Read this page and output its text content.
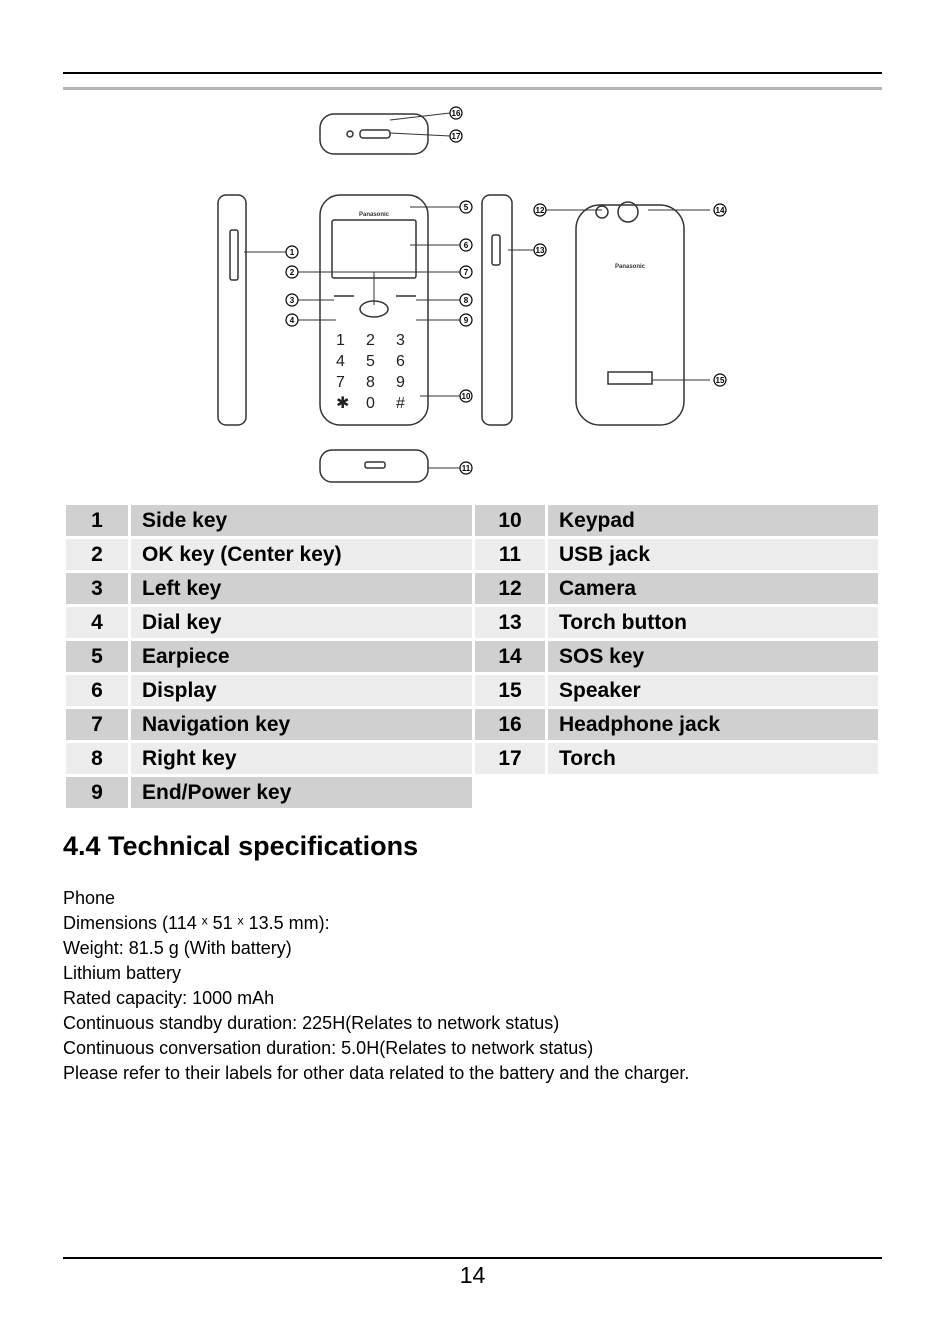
Panasonic
Panasonic
1 2 3
4 5 6
7 8 9
✱ 0 #
1
2
3
4
5
6
7
8
9
10
11
12
13
14
15
16
17
1	Side key	10	Keypad
2	OK key (Center key)	11	USB jack
3	Left key	12	Camera
4	Dial key	13	Torch button
5	Earpiece	14	SOS key
6	Display	15	Speaker
7	Navigation key	16	Headphone jack
8	Right key	17	Torch
9	End/Power key		
4.4 Technical specifications
Phone
Dimensions (114 ˣ 51 ˣ 13.5 mm):
Weight: 81.5 g (With battery)
Lithium battery
Rated capacity: 1000 mAh
Continuous standby duration: 225H(Relates to network status)
Continuous conversation duration: 5.0H(Relates to network status)
Please refer to their labels for other data related to the battery and the charger.
14
